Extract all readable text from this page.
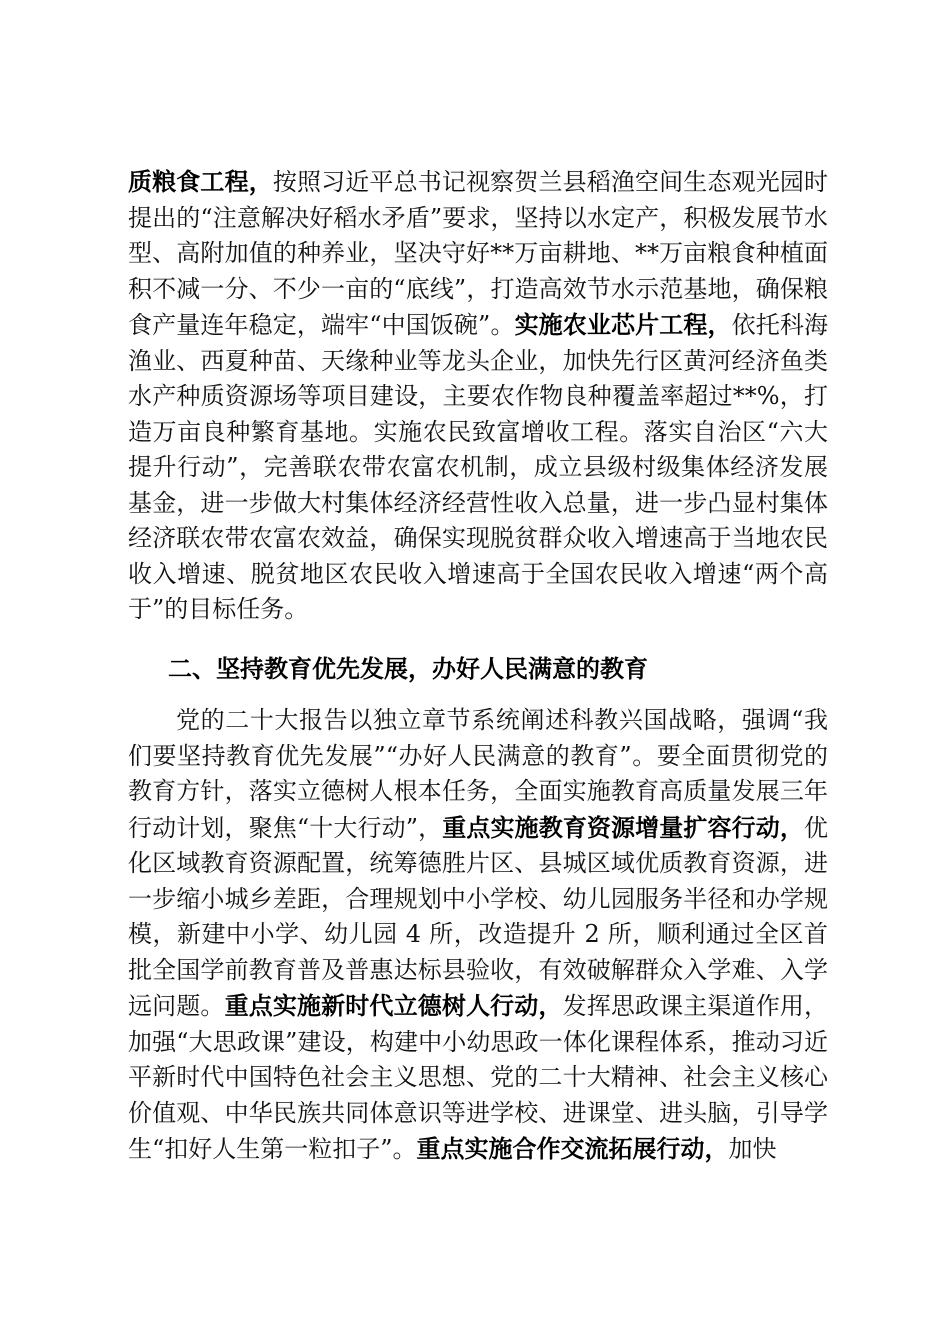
质粮食工程，按照习近平总书记视察贺兰县稻渔空间生态观光园时提出的“注意解决好稻水矛盾”要求，坚持以水定产，积极发展节水型、高附加值的种养业，坚决守好**万亩耕地、**万亩粮食种植面积不减一分、不少一亩的“底线”，打造高效节水示范基地，确保粮食产量连年稳定，端牢“中国饭碗”。实施农业芯片工程，依托科海渔业、西夏种苗、天缘种业等龙头企业，加快先行区黄河经济鱼类水产种质资源场等项目建设，主要农作物良种覆盖率超过**%，打造万亩良种繁育基地。实施农民致富增收工程。落实自治区“六大提升行动”，完善联农带农富农机制，成立县级村级集体经济发展基金，进一步做大村集体经济经营性收入总量，进一步凸显村集体经济联农带农富农效益，确保实现脱贫群众收入增速高于当地农民收入增速、脱贫地区农民收入增速高于全国农民收入增速“两个高于”的目标任务。

二、坚持教育优先发展，办好人民满意的教育

党的二十大报告以独立章节系统阐述科教兴国战略，强调“我们要坚持教育优先发展”“办好人民满意的教育”。要全面贯彻党的教育方针，落实立德树人根本任务，全面实施教育高质量发展三年行动计划，聚焦“十大行动”，重点实施教育资源增量扩容行动，优化区域教育资源配置，统筹德胜片区、县城区域优质教育资源，进一步缩小城乡差距，合理规划中小学校、幼儿园服务半径和办学规模，新建中小学、幼儿园 4 所，改造提升 2 所，顺利通过全区首批全国学前教育普及普惠达标县验收，有效破解群众入学难、入学远问题。重点实施新时代立德树人行动，发挥思政课主渠道作用，加强“大思政课”建设，构建中小幼思政一体化课程体系，推动习近平新时代中国特色社会主义思想、党的二十大精神、社会主义核心价值观、中华民族共同体意识等进学校、进课堂、进头脑，引导学生“扣好人生第一粒扣子”。重点实施合作交流拓展行动，加快
